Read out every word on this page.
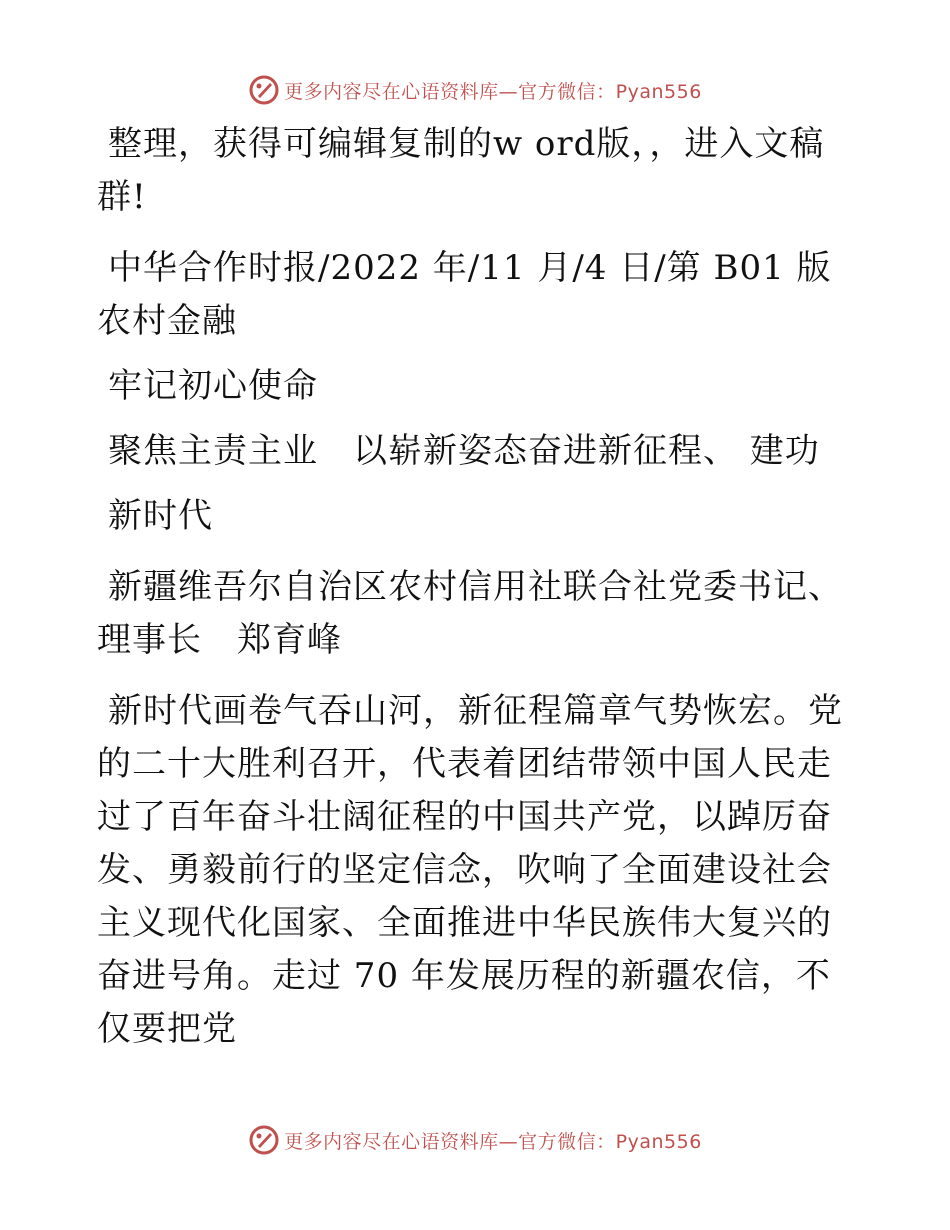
更多内容尽在心语资料库—官方微信：Pyan556

整理，获得可编辑复制的w ord版，，进入文稿群!

中华合作时报/2022 年/11 月/4 日/第 B01 版农村金融

牢记初心使命

聚焦主责主业　以崭新姿态奋进新征程、 建功

新时代

新疆维吾尔自治区农村信用社联合社党委书记、理事长　郑育峰

新时代画卷气吞山河，新征程篇章气势恢宏。党的二十大胜利召开，代表着团结带领中国人民走过了百年奋斗壮阔征程的中国共产党，以踔厉奋发、勇毅前行的坚定信念，吹响了全面建设社会主义现代化国家、全面推进中华民族伟大复兴的奋进号角。走过 70 年发展历程的新疆农信，不仅要把党

更多内容尽在心语资料库—官方微信：Pyan556
